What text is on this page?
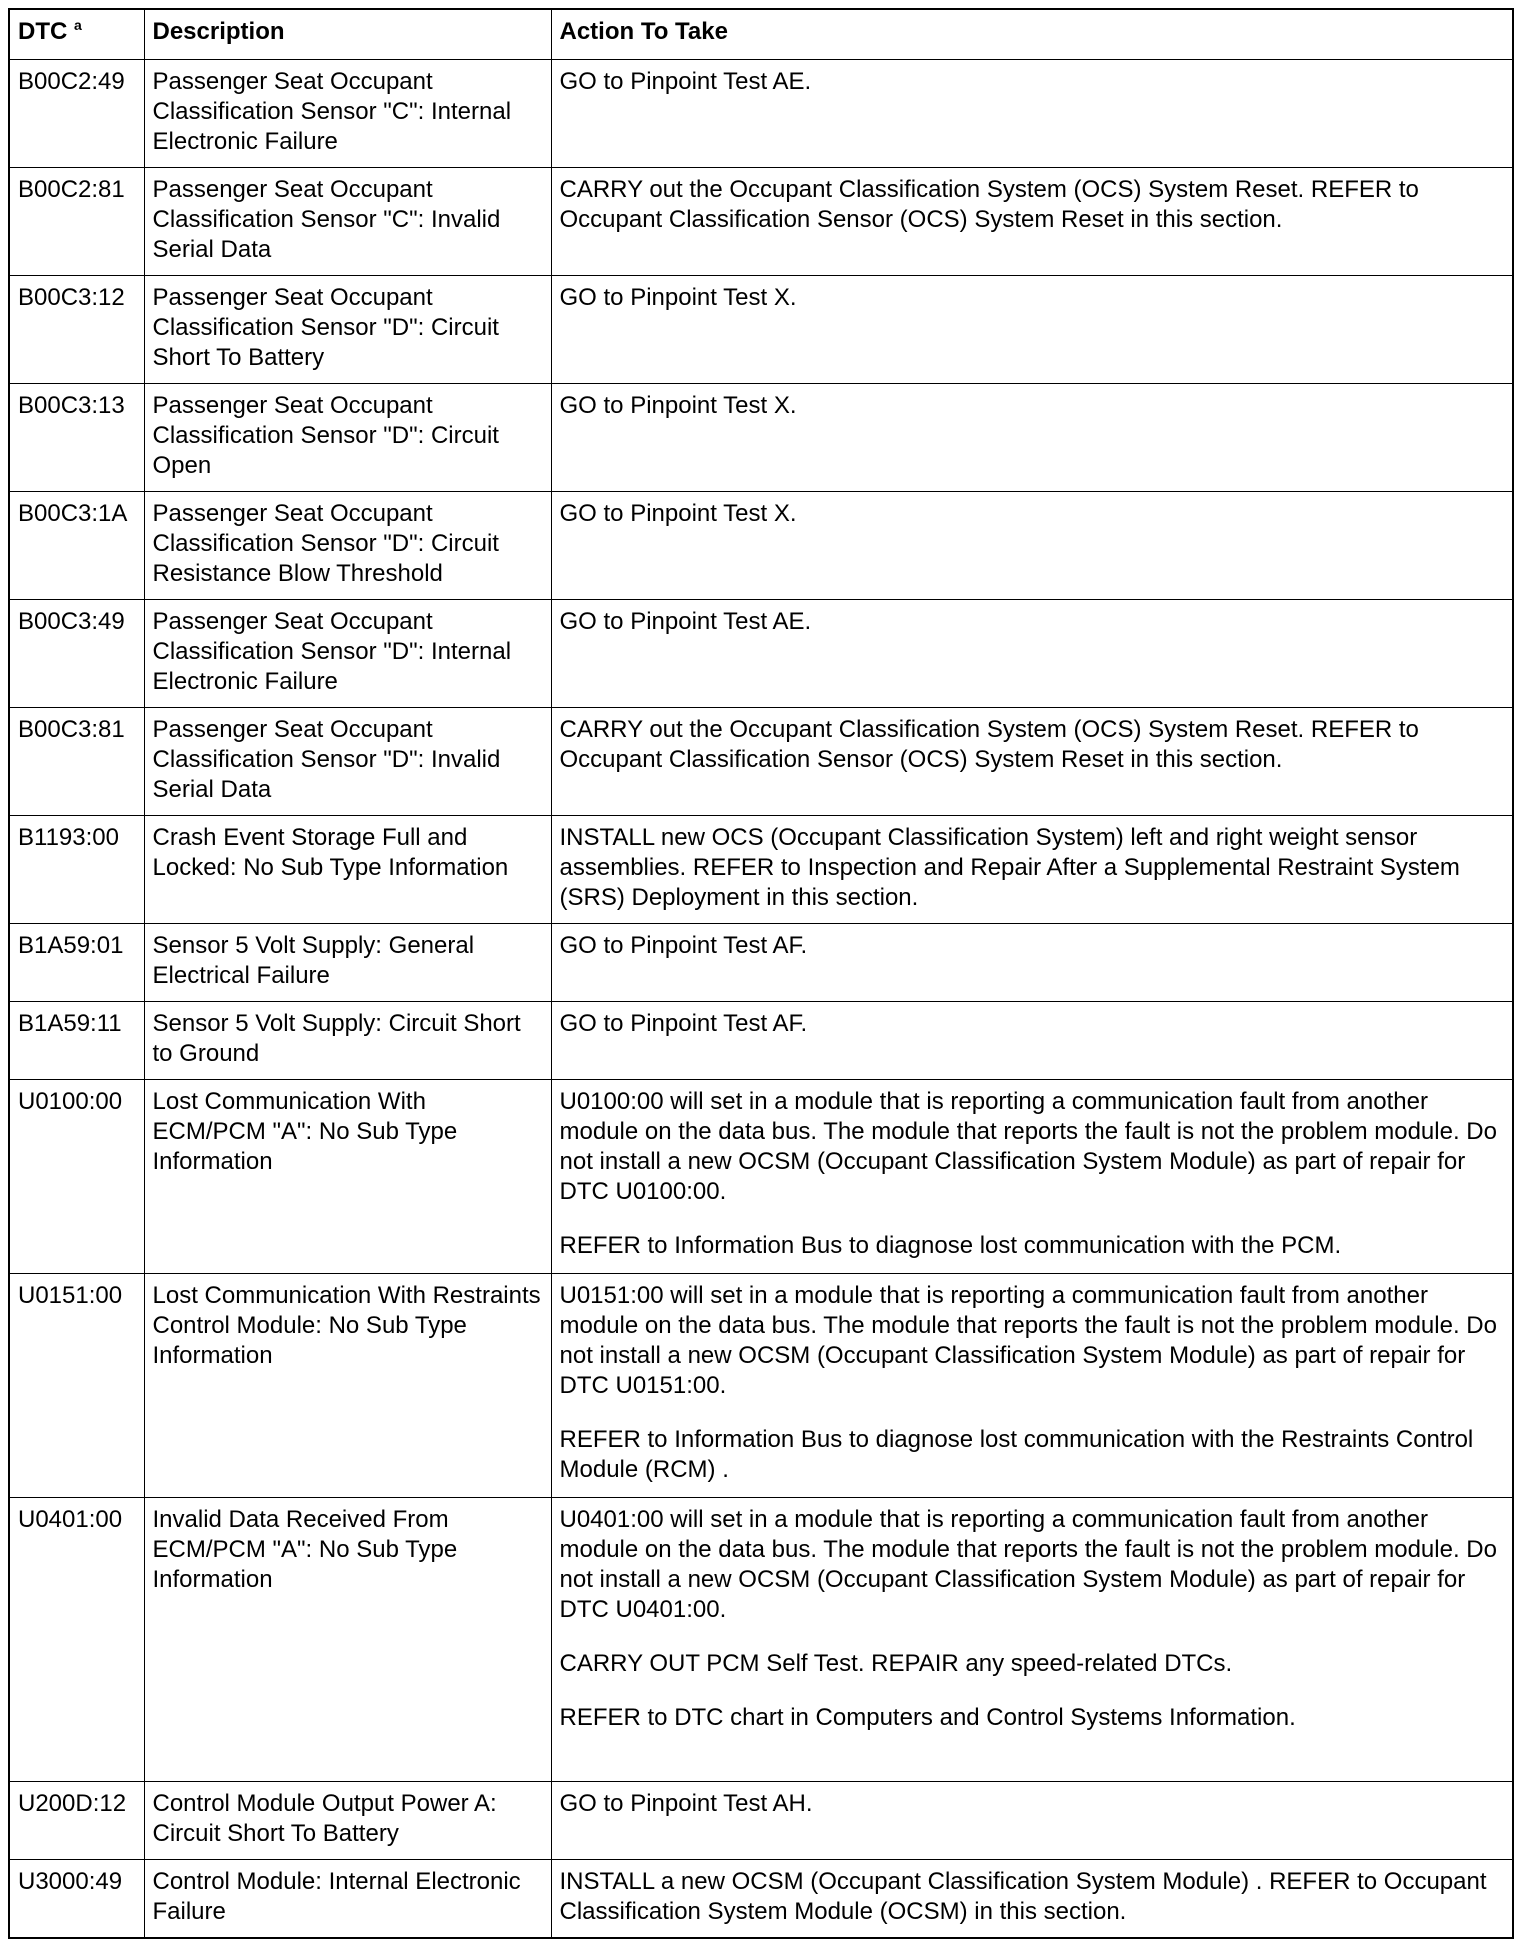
DTC $^a$	Description	Action To Take
B00C2:49	Passenger Seat Occupant Classification Sensor "C": Internal Electronic Failure	GO to Pinpoint Test AE.

B00C2:81	Passenger Seat Occupant Classification Sensor "C": Invalid Serial Data	CARRY out the Occupant Classification System (OCS) System Reset. REFER to Occupant Classification Sensor (OCS) System Reset in this section.

B00C3:12	Passenger Seat Occupant Classification Sensor "D": Circuit Short To Battery	GO to Pinpoint Test X.

B00C3:13	Passenger Seat Occupant Classification Sensor "D": Circuit Open	GO to Pinpoint Test X.

B00C3:1A	Passenger Seat Occupant Classification Sensor "D": Circuit Resistance Blow Threshold	GO to Pinpoint Test X.

B00C3:49	Passenger Seat Occupant Classification Sensor "D": Internal Electronic Failure	GO to Pinpoint Test AE.

B00C3:81	Passenger Seat Occupant Classification Sensor "D": Invalid Serial Data	CARRY out the Occupant Classification System (OCS) System Reset. REFER to Occupant Classification Sensor (OCS) System Reset in this section.

B1193:00	Crash Event Storage Full and Locked: No Sub Type Information	INSTALL new OCS (Occupant Classification System) left and right weight sensor assemblies. REFER to Inspection and Repair After a Supplemental Restraint System (SRS) Deployment in this section.

B1A59:01	Sensor 5 Volt Supply: General Electrical Failure	GO to Pinpoint Test AF.

B1A59:11	Sensor 5 Volt Supply: Circuit Short to Ground	GO to Pinpoint Test AF.

U0100:00	Lost Communication With ECM/PCM "A": No Sub Type Information	U0100:00 will set in a module that is reporting a communication fault from another module on the data bus. The module that reports the fault is not the problem module. Do not install a new OCSM (Occupant Classification System Module) as part of repair for DTC U0100:00.
REFER to Information Bus to diagnose lost communication with the PCM.

U0151:00	Lost Communication With Restraints Control Module: No Sub Type Information	U0151:00 will set in a module that is reporting a communication fault from another module on the data bus. The module that reports the fault is not the problem module. Do not install a new OCSM (Occupant Classification System Module) as part of repair for DTC U0151:00.
REFER to Information Bus to diagnose lost communication with the Restraints Control Module (RCM) .

U0401:00	Invalid Data Received From ECM/PCM "A": No Sub Type Information	U0401:00 will set in a module that is reporting a communication fault from another module on the data bus. The module that reports the fault is not the problem module. Do not install a new OCSM (Occupant Classification System Module) as part of repair for DTC U0401:00.
CARRY OUT PCM Self Test. REPAIR any speed-related DTCs.
REFER to DTC chart in Computers and Control Systems Information.

U200D:12	Control Module Output Power A: Circuit Short To Battery	GO to Pinpoint Test AH.

U3000:49	Control Module: Internal Electronic Failure	INSTALL a new OCSM (Occupant Classification System Module) . REFER to Occupant Classification System Module (OCSM) in this section.
